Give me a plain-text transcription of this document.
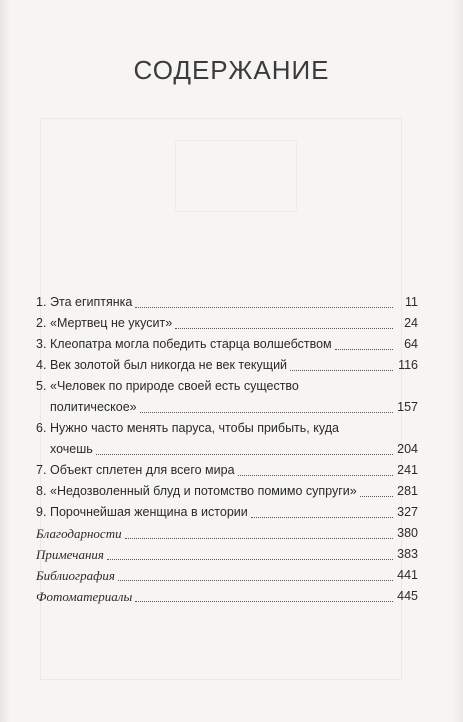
СОДЕРЖАНИЕ
1. Эта египтянка	11
2. «Мертвец не укусит»	24
3. Клеопатра могла победить старца волшебством	64
4. Век золотой был никогда не век текущий	116
5. «Человек по природе своей есть существо
политическое»	157
6. Нужно часто менять паруса, чтобы прибыть, куда
хочешь	204
7. Объект сплетен для всего мира	241
8. «Недозволенный блуд и потомство помимо супруги»	281
9. Порочнейшая женщина в истории	327
Благодарности	380
Примечания	383
Библиография	441
Фотоматериалы	445
